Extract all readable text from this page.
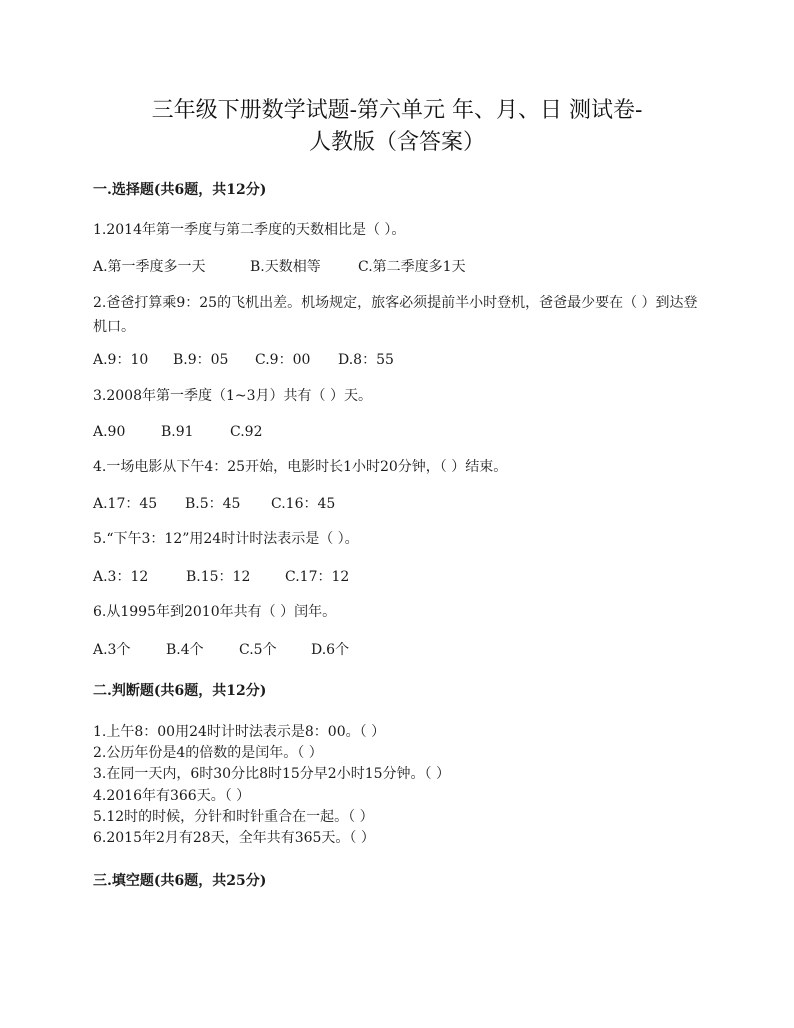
三年级下册数学试题-第六单元 年、月、日 测试卷-
人教版（含答案）
一.选择题(共6题，共12分)
1.2014年第一季度与第二季度的天数相比是（ ）。
A.第一季度多一天	B.天数相等	C.第二季度多1天
2.爸爸打算乘9：25的飞机出差。机场规定，旅客必须提前半小时登机，爸爸最少要在（ ）到达登机口。
A.9：10 B.9：05 C.9：00 D.8：55
3.2008年第一季度（1~3月）共有（ ）天。
A.90	B.91	C.92
4.一场电影从下午4：25开始，电影时长1小时20分钟，（ ）结束。
A.17：45 B.5：45 C.16：45
5.“下午3：12”用24时计时法表示是（ ）。
A.3：12	B.15：12 C.17：12
6.从1995年到2010年共有（ ）闰年。
A.3个	B.4个	C.5个 D.6个
二.判断题(共6题，共12分)
1.上午8：00用24时计时法表示是8：00。（ ）
2.公历年份是4的倍数的是闰年。（ ）
3.在同一天内，6时30分比8时15分早2小时15分钟。（ ）
4.2016年有366天。（ ）
5.12时的时候，分针和时针重合在一起。（ ）
6.2015年2月有28天，全年共有365天。（ ）
三.填空题(共6题，共25分)
